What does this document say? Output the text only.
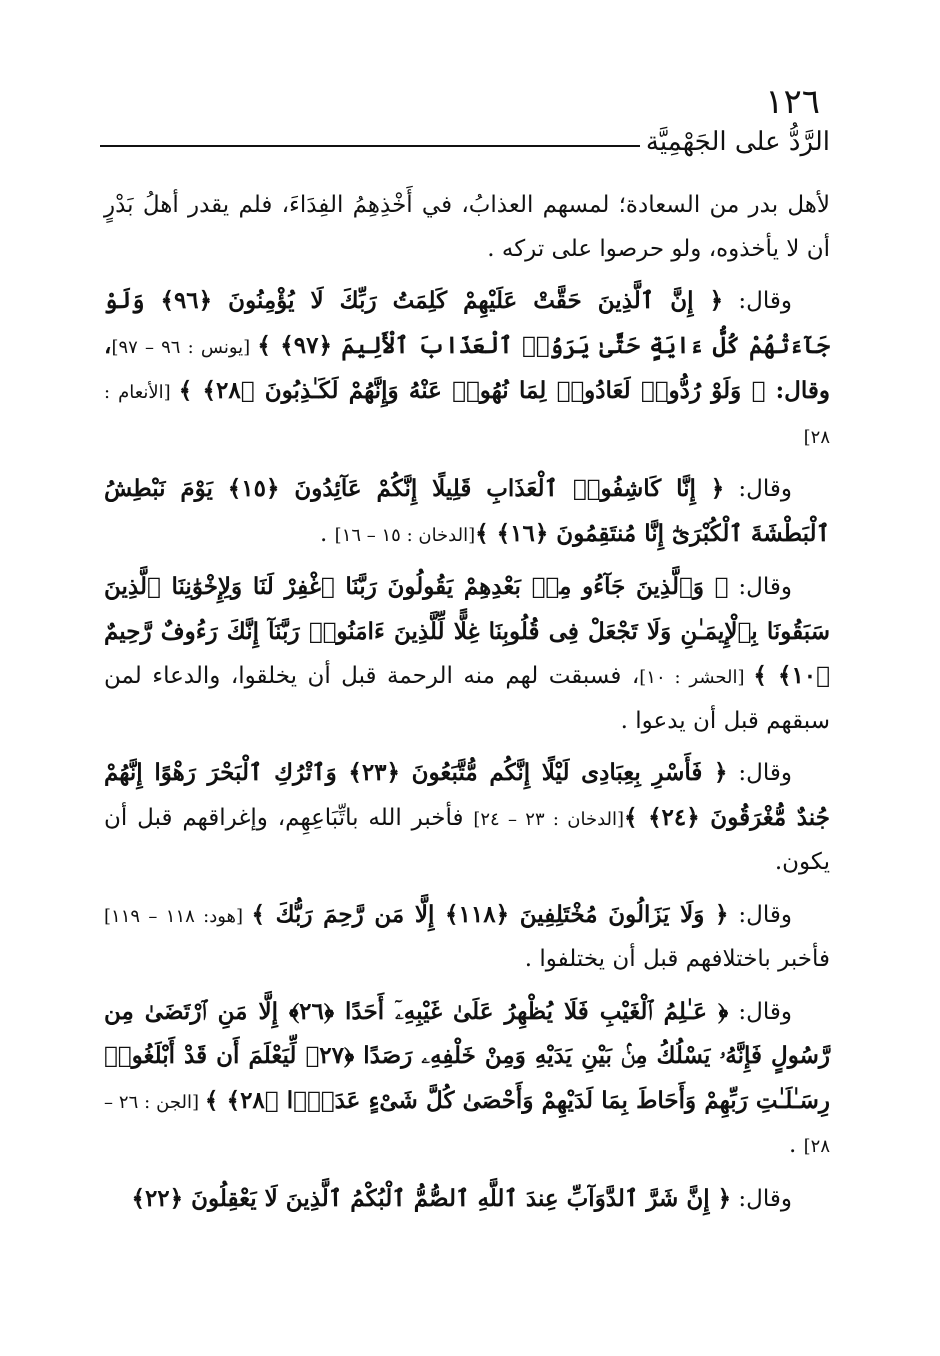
١٢٦
الرَّدُّ على الجَهْمِيَّة

لأهل بدر من السعادة؛ لمسهم العذابُ، في أَخْذِهِمُ الفِدَاءَ، فلم يقدر أهلُ بَدْرٍ أن لا يأخذوه، ولو حرصوا على تركه .

وقال: ﴿ إِنَّ ٱلَّذِينَ حَقَّتْ عَلَيْهِمْ كَلِمَتُ رَبِّكَ لَا يُؤْمِنُونَ ﴿٩٦﴾ وَلَوْ جَآءَتْهُمْ كُلُّ ءَايَةٍ حَتَّىٰ يَرَوُا۟ ٱلْعَذَابَ ٱلْأَلِيمَ ﴿٩٧﴾ ﴾ [يونس : ٩٦ – ٩٧]، وقال: ﴿ وَلَوْ رُدُّوا۟ لَعَادُوا۟ لِمَا نُهُوا۟ عَنْهُ وَإِنَّهُمْ لَكَـٰذِبُونَ ﴿٢٨﴾ ﴾ [الأنعام : ٢٨]

وقال: ﴿ إِنَّا كَاشِفُوا۟ ٱلْعَذَابِ قَلِيلًا إِنَّكُمْ عَآئِدُونَ ﴿١٥﴾ يَوْمَ نَبْطِشُ ٱلْبَطْشَةَ ٱلْكُبْرَىٰٓ إِنَّا مُنتَقِمُونَ ﴿١٦﴾ ﴾[الدخان : ١٥ – ١٦] .

وقال: ﴿ وَٱلَّذِينَ جَآءُو مِنۢ بَعْدِهِمْ يَقُولُونَ رَبَّنَا ٱغْفِرْ لَنَا وَلِإِخْوَٰنِنَا ٱلَّذِينَ سَبَقُونَا بِٱلْإِيمَـٰنِ وَلَا تَجْعَلْ فِى قُلُوبِنَا غِلًّا لِّلَّذِينَ ءَامَنُوا۟ رَبَّنَآ إِنَّكَ رَءُوفٌ رَّحِيمٌ ﴿١٠﴾ ﴾ [الحشر : ١٠]، فسبقت لهم منه الرحمة قبل أن يخلقوا، والدعاء لمن سبقهم قبل أن يدعوا .

وقال: ﴿ فَأَسْرِ بِعِبَادِى لَيْلًا إِنَّكُم مُّتَّبَعُونَ ﴿٢٣﴾ وَٱتْرُكِ ٱلْبَحْرَ رَهْوًا إِنَّهُمْ جُندٌ مُّغْرَقُونَ ﴿٢٤﴾ ﴾[الدخان : ٢٣ – ٢٤] فأخبر الله باتِّبَاعِهِم، وإغراقهم قبل أن يكون.

وقال: ﴿ وَلَا يَزَالُونَ مُخْتَلِفِينَ ﴿١١٨﴾ إِلَّا مَن رَّحِمَ رَبُّكَ ﴾ [هود: ١١٨ – ١١٩] فأخبر باختلافهم قبل أن يختلفوا .

وقال: ﴿ عَـٰلِمُ ٱلْغَيْبِ فَلَا يُظْهِرُ عَلَىٰ غَيْبِهِۦٓ أَحَدًا ﴿٢٦﴾ إِلَّا مَنِ ٱرْتَضَىٰ مِن رَّسُولٍ فَإِنَّهُۥ يَسْلُكُ مِنۢ بَيْنِ يَدَيْهِ وَمِنْ خَلْفِهِۦ رَصَدًا ﴿٢٧﴾ لِّيَعْلَمَ أَن قَدْ أَبْلَغُوا۟ رِسَـٰلَـٰتِ رَبِّهِمْ وَأَحَاطَ بِمَا لَدَيْهِمْ وَأَحْصَىٰ كُلَّ شَىْءٍ عَدَدًۢا ﴿٢٨﴾ ﴾ [الجن : ٢٦ – ٢٨] .

وقال: ﴿ إِنَّ شَرَّ ٱلدَّوَآبِّ عِندَ ٱللَّهِ ٱلصُّمُّ ٱلْبُكْمُ ٱلَّذِينَ لَا يَعْقِلُونَ ﴿٢٢﴾
